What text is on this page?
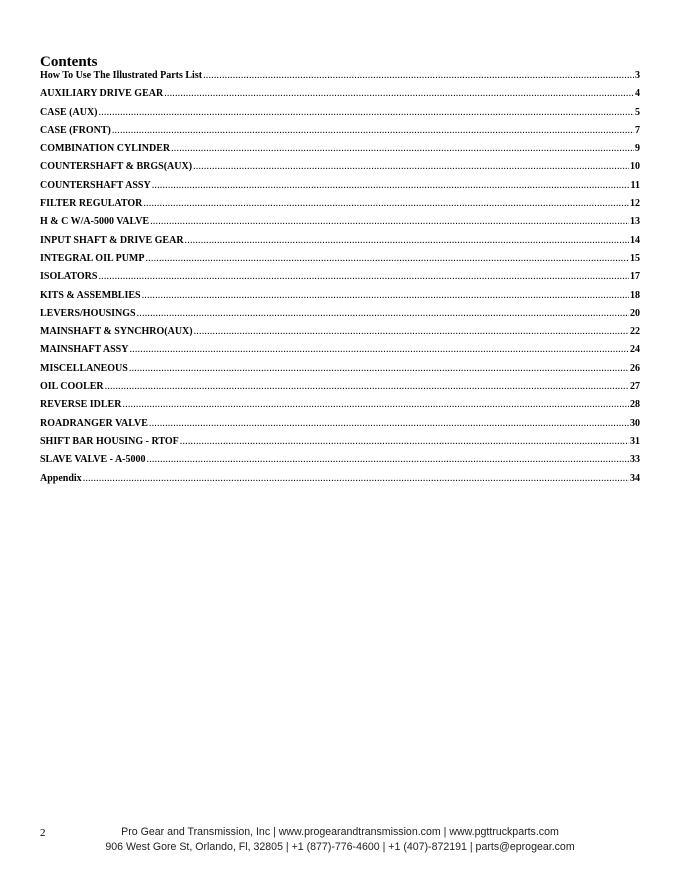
Contents
How To Use The Illustrated Parts List .....	3
AUXILIARY DRIVE GEAR .....	4
CASE (AUX) .....	5
CASE (FRONT) .....	7
COMBINATION CYLINDER .....	9
COUNTERSHAFT & BRGS(AUX) .....	10
COUNTERSHAFT ASSY .....	11
FILTER REGULATOR .....	12
H & C W/A-5000 VALVE .....	13
INPUT SHAFT & DRIVE GEAR .....	14
INTEGRAL OIL PUMP .....	15
ISOLATORS .....	17
KITS & ASSEMBLIES .....	18
LEVERS/HOUSINGS .....	20
MAINSHAFT & SYNCHRO(AUX) .....	22
MAINSHAFT ASSY .....	24
MISCELLANEOUS .....	26
OIL COOLER .....	27
REVERSE IDLER .....	28
ROADRANGER VALVE .....	30
SHIFT BAR HOUSING - RTOF .....	31
SLAVE VALVE - A-5000 .....	33
Appendix .....	34
2	Pro Gear and Transmission, Inc | www.progearandtransmission.com | www.pgttruckparts.com
906 West Gore St, Orlando, Fl, 32805 | +1 (877)-776-4600 | +1 (407)-872191 | parts@eprogear.com
